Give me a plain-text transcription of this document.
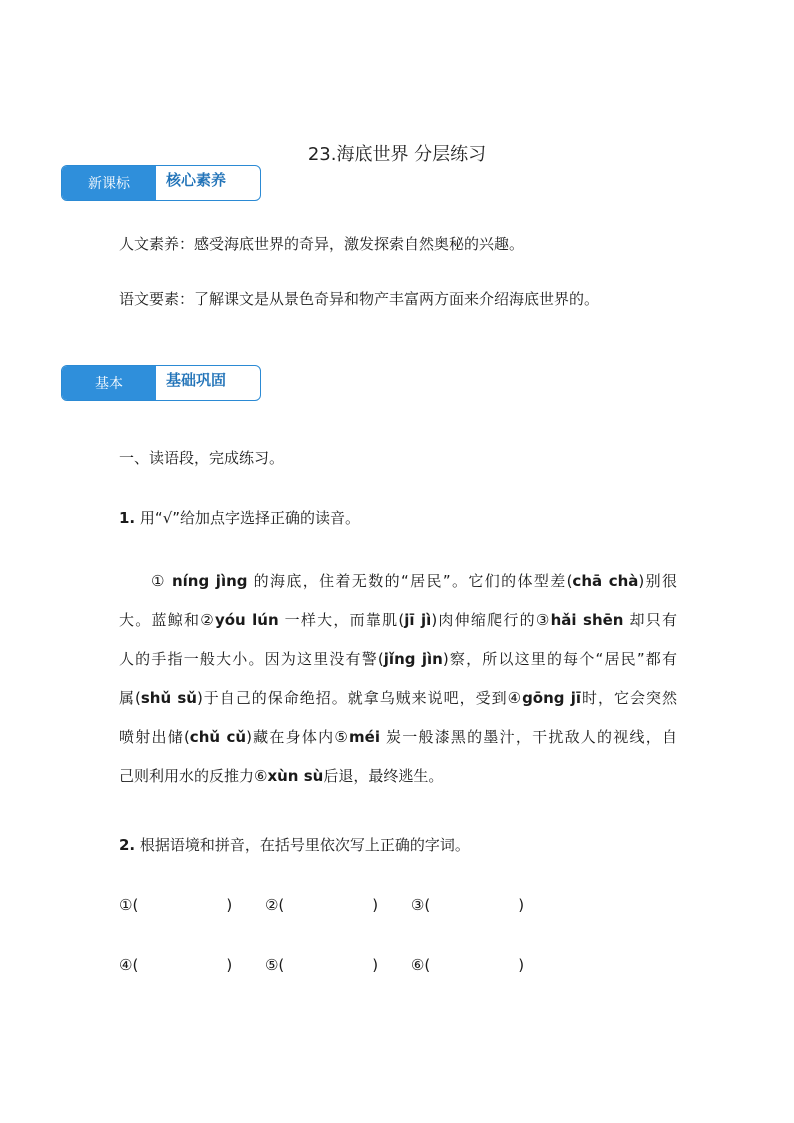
23.海底世界 分层练习
新课标	核心素养
人文素养：感受海底世界的奇异，激发探索自然奥秘的兴趣。
语文要素：了解课文是从景色奇异和物产丰富两方面来介绍海底世界的。
基本	基础巩固
一、读语段，完成练习。
1. 用“√”给加点字选择正确的读音。
① níng jìng 的海底，住着无数的“居民”。它们的体型差(chā chà)别很
大。蓝鲸和②yóu lún 一样大，而靠肌(jī jì)肉伸缩爬行的③hǎi shēn 却只有
人的手指一般大小。因为这里没有警(jǐng jìn)察，所以这里的每个“居民”都有
属(shǔ sǔ)于自己的保命绝招。就拿乌贼来说吧，受到④gōng jī时，它会突然
喷射出储(chǔ cǔ)藏在身体内⑤méi 炭一般漆黑的墨汁，干扰敌人的视线，自
己则利用水的反推力⑥xùn sù后退，最终逃生。
2. 根据语境和拼音，在括号里依次写上正确的字词。
①(	) ②(	) ③(	)
④(	) ⑤(	) ⑥(	)
